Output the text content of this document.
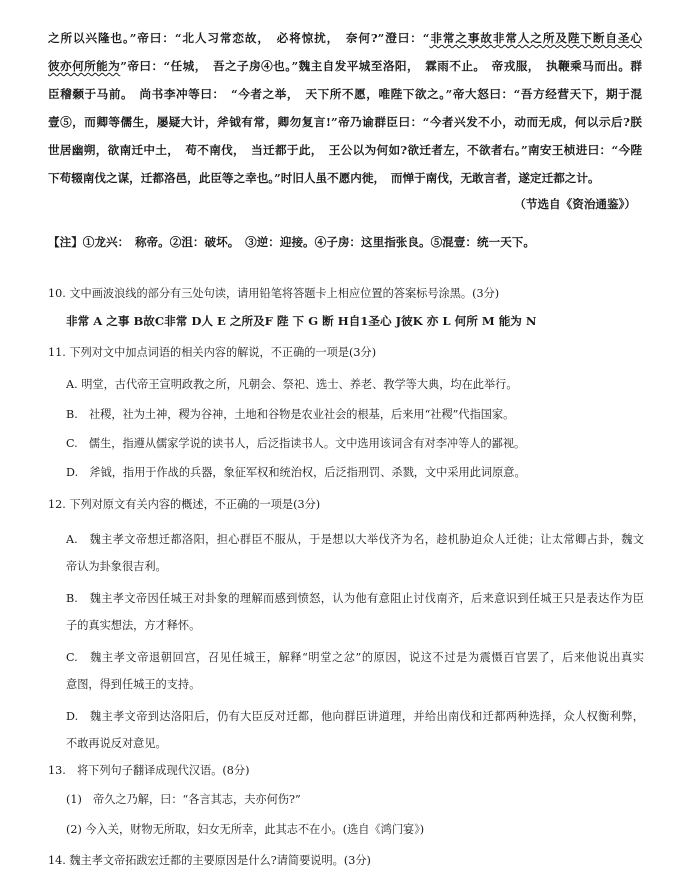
之所以兴隆也。”帝曰：“北人习常恋故，　必将惊扰，　奈何?”澄曰：“非常之事故非常人之所及陛下断自圣心
彼亦何所能为”帝曰：“任城，　吾之子房④也。”魏主自发平城至洛阳，　霖雨不止。　帝戎服，　执鞭乘马而出。群
臣稽颡于马前。　尚书李冲等曰：　“今者之举，　天下所不愿，唯陛下欲之。”帝大怒曰：“吾方经营天下，期于混
壹⑤，而卿等儒生，屡疑大计，斧钺有常，卿勿复言!”帝乃谕群臣曰：“今者兴发不小，动而无成，何以示后?朕
世居幽朔，欲南迁中土，　苟不南伐，　当迁都于此，　王公以为何如?欲迁者左，不欲者右。”南安王桢进曰：“今陛
下苟辍南伐之谋，迁都洛邑，此臣等之幸也。”时旧人虽不愿内徙，　而惮于南伐，无敢言者，遂定迁都之计。
（节选自《资治通鉴》）
【注】①龙兴：　称帝。②沮：破坏。　③逆：迎接。④子房：这里指张良。⑤混壹：统一天下。
10. 文中画波浪线的部分有三处句读，请用铅笔将答题卡上相应位置的答案标号涂黑。(3分)
非常 A 之事 B故C非常 D人 E 之所及F 陛 下 G 断 H自1圣心 J彼K 亦 L 何所 M 能为 N
11. 下列对文中加点词语的相关内容的解说，不正确的一项是(3分)
A. 明堂，古代帝王宣明政教之所，凡朝会、祭祀、选士、养老、教学等大典，均在此举行。
B.　社稷，社为土神，稷为谷神，土地和谷物是农业社会的根基，后来用“社稷”代指国家。
C.　儒生，指遵从儒家学说的读书人，后泛指读书人。文中选用该词含有对李冲等人的鄙视。
D.　斧钺，指用于作战的兵器，象征军权和统治权，后泛指刑罚、杀戮，文中采用此词原意。
12. 下列对原文有关内容的概述，不正确的一项是(3分)
A.　魏主孝文帝想迁都洛阳，担心群臣不服从，于是想以大举伐齐为名，趁机胁迫众人迁徙；让太常卿占卦，魏文
帝认为卦象很吉利。
B.　魏主孝文帝因任城王对卦象的理解而感到愤怒，认为他有意阻止讨伐南齐，后来意识到任城王只是表达作为臣
子的真实想法，方才释怀。
C.　魏主孝文帝退朝回宫，召见任城王，解释“明堂之忿”的原因，说这不过是为震慑百官罢了，后来他说出真实
意图，得到任城王的支持。
D.　魏主孝文帝到达洛阳后，仍有大臣反对迁都，他向群臣讲道理，并给出南伐和迁都两种选择，众人权衡利弊，
不敢再说反对意见。
13.　将下列句子翻译成现代汉语。(8分)
(1)　帝久之乃解，曰：“各言其志，夫亦何伤?”
(2) 今入关，财物无所取，妇女无所幸，此其志不在小。(选自《鸿门宴》)
14. 魏主孝文帝拓跋宏迁都的主要原因是什么?请简要说明。(3分)
